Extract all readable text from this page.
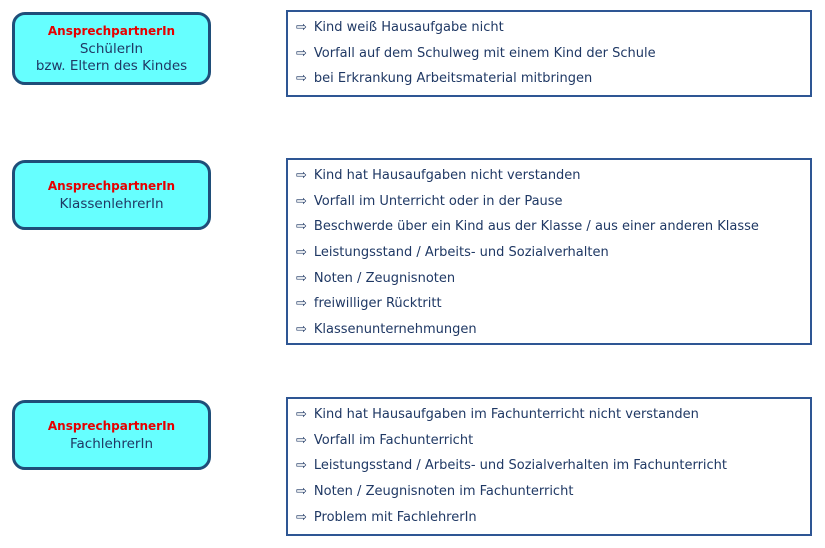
AnsprechpartnerIn
SchülerIn
bzw. Eltern des Kindes
⇨ Kind weiß Hausaufgabe nicht
⇨ Vorfall auf dem Schulweg mit einem Kind der Schule
⇨ bei Erkrankung Arbeitsmaterial mitbringen
AnsprechpartnerIn
KlassenlehrerIn
⇨ Kind hat Hausaufgaben nicht verstanden
⇨ Vorfall im Unterricht oder in der Pause
⇨ Beschwerde über ein Kind aus der Klasse / aus einer anderen Klasse
⇨ Leistungsstand / Arbeits- und Sozialverhalten
⇨ Noten / Zeugnisnoten
⇨ freiwilliger Rücktritt
⇨ Klassenunternehmungen
AnsprechpartnerIn
FachlehrerIn
⇨ Kind hat Hausaufgaben im Fachunterricht nicht verstanden
⇨ Vorfall im Fachunterricht
⇨ Leistungsstand / Arbeits- und Sozialverhalten im Fachunterricht
⇨ Noten / Zeugnisnoten im Fachunterricht
⇨ Problem mit FachlehrerIn
